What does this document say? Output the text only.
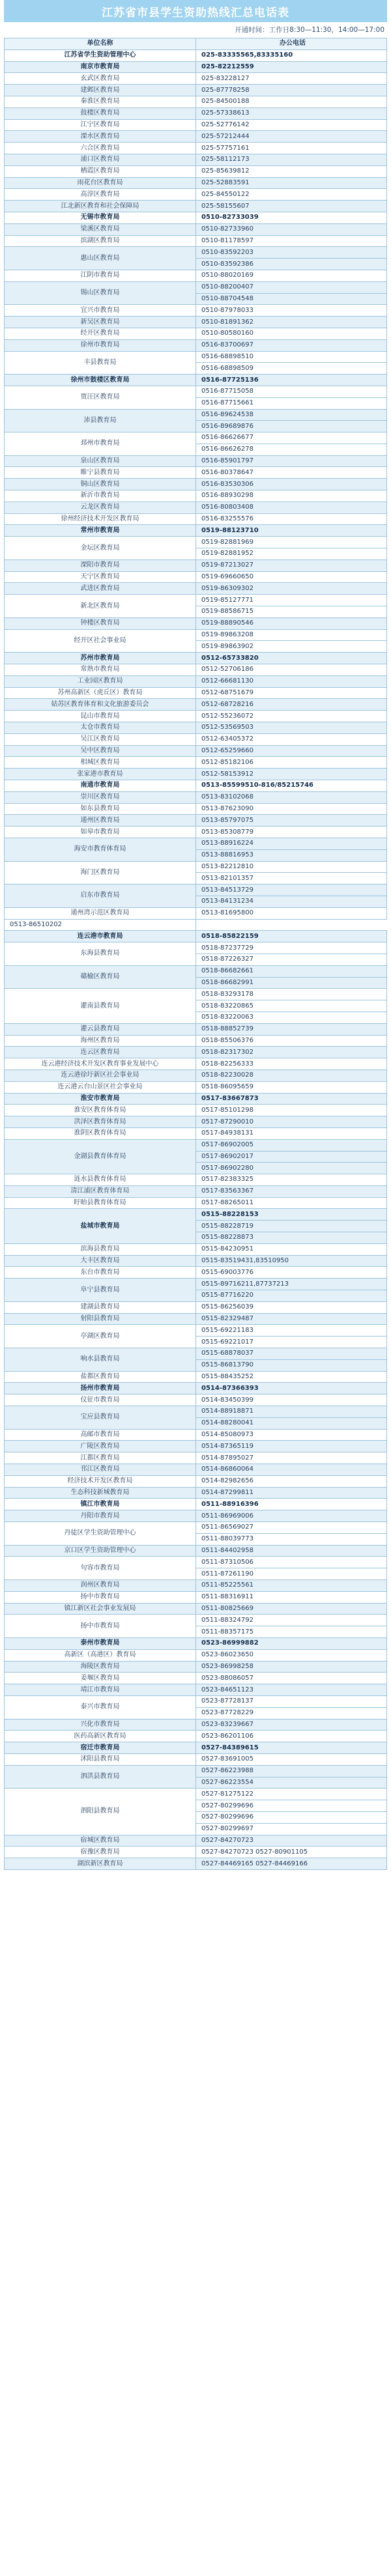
江苏省市县学生资助热线汇总电话表
开通时间：工作日8:30—11:30，14:00—17:00
单位名称	办公电话
江苏省学生资助管理中心	025-83335565,83335160
南京市教育局	025-82212559
玄武区教育局	025-83228127
建邺区教育局	025-87778258
秦淮区教育局	025-84500188
鼓楼区教育局	025-57338613
江宁区教育局	025-52776142
溧水区教育局	025-57212444
六合区教育局	025-57757161
浦口区教育局	025-58112173
栖霞区教育局	025-85639812
雨花台区教育局	025-52883591
高淳区教育局	025-84550122
江北新区教育和社会保障局	025-58155607
无锡市教育局	0510-82733039
梁溪区教育局	0510-82733960
滨湖区教育局	0510-81178597
惠山区教育局	0510-83592203
	0510-83592386
江阴市教育局	0510-88020169
锡山区教育局	0510-88200407
	0510-88704548
宜兴市教育局	0510-87978033
新吴区教育局	0510-81891362
经开区教育局	0510-80580160
徐州市教育局	0516-83700697
丰县教育局	0516-68898510
	0516-68898509
徐州市鼓楼区教育局	0516-87725136
贾汪区教育局	0516-87715058
	0516-87715661
沛县教育局	0516-89624538
	0516-89689876
邳州市教育局	0516-86626677
	0516-86626278
泉山区教育局	0516-85901797
睢宁县教育局	0516-80378647
铜山区教育局	0516-83530306
新沂市教育局	0516-88930298
云龙区教育局	0516-80803408
徐州经济技术开发区教育局	0516-83255576
常州市教育局	0519-88123710
金坛区教育局	0519-82881969
	0519-82881952
溧阳市教育局	0519-87213027
天宁区教育局	0519-69660650
武进区教育局	0519-86309302
新北区教育局	0519-85127771
	0519-88586715
钟楼区教育局	0519-88890546
经开区社会事业局	0519-89863208
	0519-89863902
苏州市教育局	0512-65733820
常熟市教育局	0512-52706186
工业园区教育局	0512-66681130
苏州高新区（虎丘区）教育局	0512-68751679
姑苏区教育体育和文化旅游委员会	0512-68728216
昆山市教育局	0512-55236072
太仓市教育局	0512-53569503
吴江区教育局	0512-63405372
吴中区教育局	0512-65259660
相城区教育局	0512-85182106
张家港市教育局	0512-58153912
南通市教育局	0513-85599510-816/85215746
崇川区教育局	0513-83102068
如东县教育局	0513-87623090
通州区教育局	0513-85797075
如皋市教育局	0513-85308779
海安市教育体育局	0513-88916224
	0513-88816953
海门区教育局	0513-82212810
	0513-82101357
启东市教育局	0513-84513729
	0513-84131234
通州湾示范区教育局	0513-81695800
0513-86510202	
连云港市教育局	0518-85822159
东海县教育局	0518-87237729
	0518-87226327
赣榆区教育局	0518-86682661
	0518-86682991
灌南县教育局	0518-83293178
	0518-83220865
	0518-83220063
灌云县教育局	0518-88852739
海州区教育局	0518-85506376
连云区教育局	0518-82317302
连云港经济技术开发区教育事业发展中心	0518-82256333
连云港徐圩新区社会事业局	0518-82230028
连云港云台山景区社会事业局	0518-86095659
淮安市教育局	0517-83667873
淮安区教育体育局	0517-85101298
洪泽区教育体育局	0517-87290010
淮阴区教育体育局	0517-84938131
金湖县教育体育局	0517-86902005
	0517-86902017
	0517-86902280
涟水县教育体育局	0517-82383325
清江浦区教育体育局	0517-83563367
盱眙县教育体育局	0517-88265011
盐城市教育局	0515-88228153
	0515-88228719
	0515-88228873
滨海县教育局	0515-84230951
大丰区教育局	0515-83519431,83510950
东台市教育局	0515-69003776
阜宁县教育局	0515-89716211,87737213
	0515-87716220
建湖县教育局	0515-86256039
射阳县教育局	0515-82329487
亭湖区教育局	0515-69221183
	0515-69221017
响水县教育局	0515-68878037
	0515-86813790
盐都区教育局	0515-88435252
扬州市教育局	0514-87366393
仪征市教育局	0514-83450399
宝应县教育局	0514-88918871
	0514-88280041
高邮市教育局	0514-85080973
广陵区教育局	0514-87365119
江都区教育局	0514-87895027
邗江区教育局	0514-86860064
经济技术开发区教育局	0514-82982656
生态科技新城教育局	0514-87299811
镇江市教育局	0511-88916396
丹阳市教育局	0511-86969006
丹徒区学生资助管理中心	0511-86569027
	0511-88039773
京口区学生资助管理中心	0511-84402958
句容市教育局	0511-87310506
	0511-87261190
润州区教育局	0511-85225561
扬中市教育局	0511-88316911
镇江新区社会事业发展局	0511-80825669
扬中市教育局	0511-88324792
	0511-88357175
泰州市教育局	0523-86999882
高新区（高港区）教育局	0523-86023650
海陵区教育局	0523-86998258
姜堰区教育局	0523-88086057
靖江市教育局	0523-84651123
泰兴市教育局	0523-87728137
	0523-87728229
兴化市教育局	0523-83239667
医药高新区教育局	0523-86201106
宿迁市教育局	0527-84389615
沭阳县教育局	0527-83691005
泗洪县教育局	0527-86223988
	0527-86223554
泗阳县教育局	0527-81275122
	0527-80299696
	0527-80299696
	0527-80299697
宿城区教育局	0527-84270723
宿豫区教育局	0527-84270723 0527-80901105
湖滨新区教育局	0527-84469165 0527-84469166
